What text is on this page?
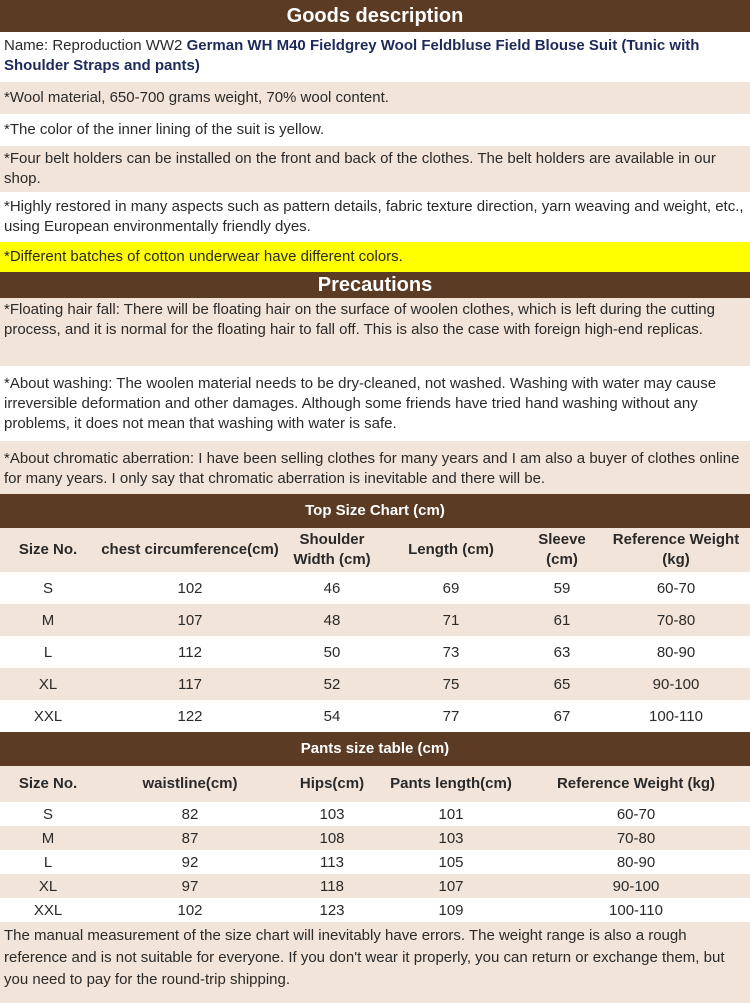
Goods description
Name: Reproduction WW2 German WH M40 Fieldgrey Wool Feldbluse Field Blouse Suit (Tunic with Shoulder Straps and pants)
*Wool material, 650-700 grams weight, 70% wool content.
*The color of the inner lining of the suit is yellow.
*Four belt holders can be installed on the front and back of the clothes. The belt holders are available in our shop.
*Highly restored in many aspects such as pattern details, fabric texture direction, yarn weaving and weight, etc., using European environmentally friendly dyes.
*Different batches of cotton underwear have different colors.
Precautions
*Floating hair fall: There will be floating hair on the surface of woolen clothes, which is left during the cutting process, and it is normal for the floating hair to fall off. This is also the case with foreign high-end replicas.
*About washing: The woolen material needs to be dry-cleaned, not washed. Washing with water may cause irreversible deformation and other damages. Although some friends have tried hand washing without any problems, it does not mean that washing with water is safe.
*About chromatic aberration: I have been selling clothes for many years and I am also a buyer of clothes online for many years. I only say that chromatic aberration is inevitable and there will be.
Top Size Chart (cm)
Size No.	chest circumference(cm)	Shoulder Width (cm)	Length (cm)	Sleeve (cm)	Reference Weight (kg)
S	102	46	69	59	60-70
M	107	48	71	61	70-80
L	112	50	73	63	80-90
XL	117	52	75	65	90-100
XXL	122	54	77	67	100-110
Pants size table (cm)
Size No.	waistline(cm)	Hips(cm)	Pants length(cm)	Reference Weight (kg)
S	82	103	101	60-70
M	87	108	103	70-80
L	92	113	105	80-90
XL	97	118	107	90-100
XXL	102	123	109	100-110
The manual measurement of the size chart will inevitably have errors. The weight range is also a rough reference and is not suitable for everyone. If you don't wear it properly, you can return or exchange them, but you need to pay for the round-trip shipping.
